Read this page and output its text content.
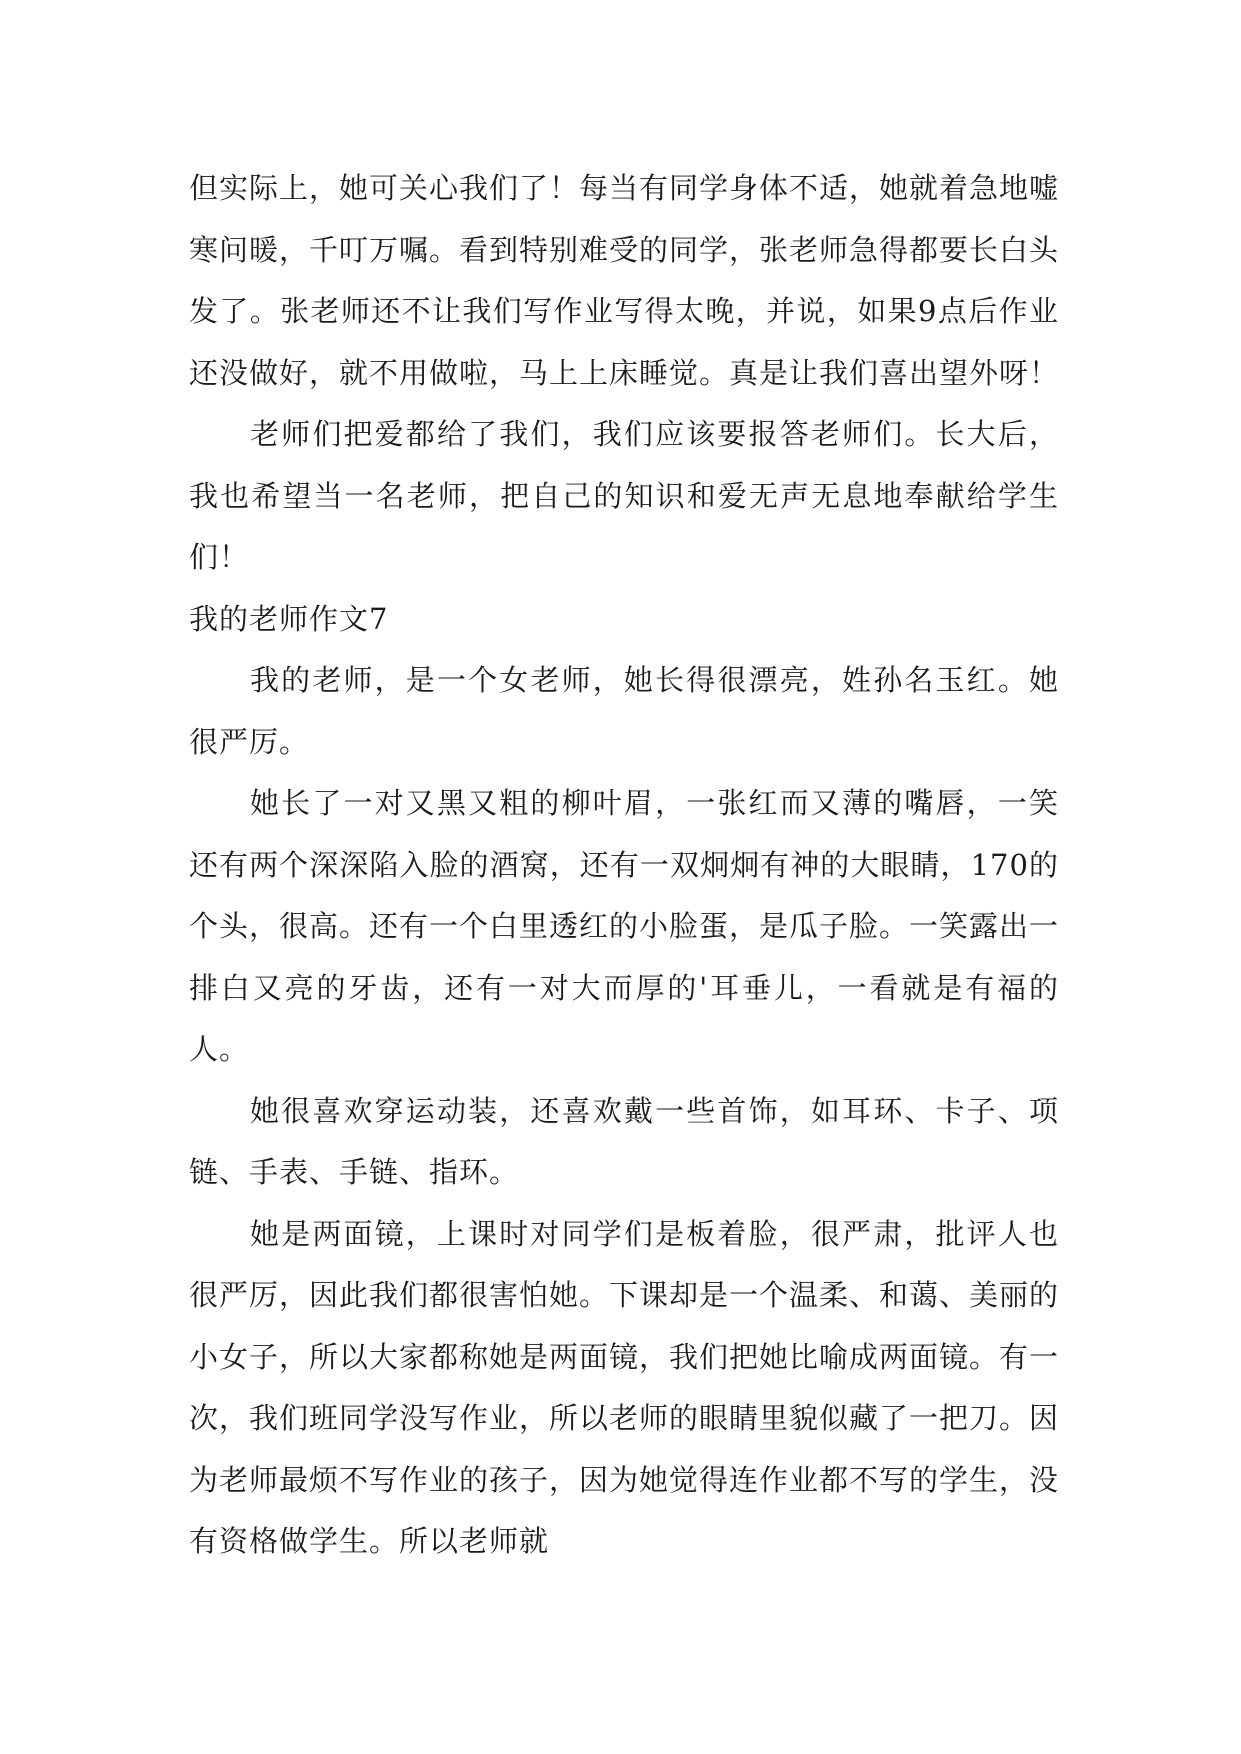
但实际上，她可关心我们了！每当有同学身体不适，她就着急地嘘寒问暖，千叮万嘱。看到特别难受的同学，张老师急得都要长白头发了。张老师还不让我们写作业写得太晚，并说，如果9点后作业还没做好，就不用做啦，马上上床睡觉。真是让我们喜出望外呀！

老师们把爱都给了我们，我们应该要报答老师们。长大后，我也希望当一名老师，把自己的知识和爱无声无息地奉献给学生们！

我的老师作文7

我的老师，是一个女老师，她长得很漂亮，姓孙名玉红。她很严厉。

她长了一对又黑又粗的柳叶眉，一张红而又薄的嘴唇，一笑还有两个深深陷入脸的酒窝，还有一双炯炯有神的大眼睛，170的个头，很高。还有一个白里透红的小脸蛋，是瓜子脸。一笑露出一排白又亮的牙齿，还有一对大而厚的'耳垂儿，一看就是有福的人。

她很喜欢穿运动装，还喜欢戴一些首饰，如耳环、卡子、项链、手表、手链、指环。

她是两面镜，上课时对同学们是板着脸，很严肃，批评人也很严厉，因此我们都很害怕她。下课却是一个温柔、和蔼、美丽的小女子，所以大家都称她是两面镜，我们把她比喻成两面镜。有一次，我们班同学没写作业，所以老师的眼睛里貌似藏了一把刀。因为老师最烦不写作业的孩子，因为她觉得连作业都不写的学生，没有资格做学生。所以老师就
